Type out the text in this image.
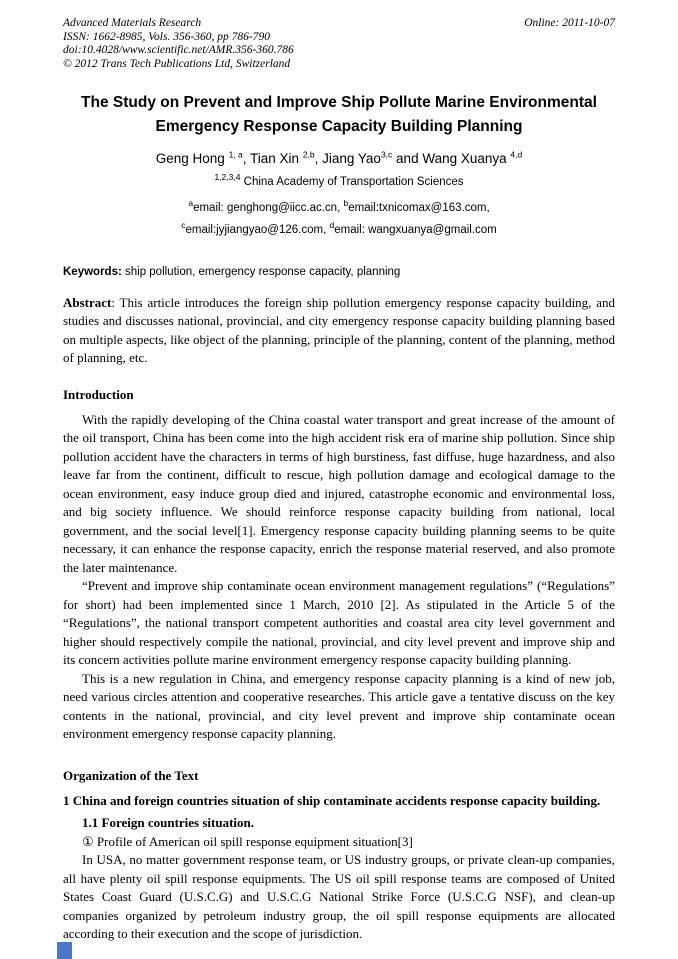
Advanced Materials Research	Online: 2011-10-07
ISSN: 1662-8985, Vols. 356-360, pp 786-790
doi:10.4028/www.scientific.net/AMR.356-360.786
© 2012 Trans Tech Publications Ltd, Switzerland
The Study on Prevent and Improve Ship Pollute Marine Environmental Emergency Response Capacity Building Planning
Geng Hong $^{1, a}$, Tian Xin $^{2,b}$, Jiang Yao$^{3,c}$ and Wang Xuanya $^{4,d}$
$^{1,2,3,4}$ China Academy of Transportation Sciences
$^a$email: genghong@iicc.ac.cn, $^b$email:txnicomax@163.com,
$^c$email:jyjiangyao@126.com, $^d$email: wangxuanya@gmail.com
Keywords: ship pollution, emergency response capacity, planning

Abstract: This article introduces the foreign ship pollution emergency response capacity building, and studies and discusses national, provincial, and city emergency response capacity building planning based on multiple aspects, like object of the planning, principle of the planning, content of the planning, method of planning, etc.

Introduction

With the rapidly developing of the China coastal water transport and great increase of the amount of the oil transport, China has been come into the high accident risk era of marine ship pollution. Since ship pollution accident have the characters in terms of high burstiness, fast diffuse, huge hazardness, and also leave far from the continent, difficult to rescue, high pollution damage and ecological damage to the ocean environment, easy induce group died and injured, catastrophe economic and environmental loss, and big society influence. We should reinforce response capacity building from national, local government, and the social level[1]. Emergency response capacity building planning seems to be quite necessary, it can enhance the response capacity, enrich the response material reserved, and also promote the later maintenance.

“Prevent and improve ship contaminate ocean environment management regulations” (“Regulations” for short) had been implemented since 1 March, 2010 [2]. As stipulated in the Article 5 of the “Regulations”, the national transport competent authorities and coastal area city level government and higher should respectively compile the national, provincial, and city level prevent and improve ship and its concern activities pollute marine environment emergency response capacity building planning.

This is a new regulation in China, and emergency response capacity planning is a kind of new job, need various circles attention and cooperative researches. This article gave a tentative discuss on the key contents in the national, provincial, and city level prevent and improve ship contaminate ocean environment emergency response capacity planning.

Organization of the Text

1 China and foreign countries situation of ship contaminate accidents response capacity building.

1.1 Foreign countries situation.

① Profile of American oil spill response equipment situation[3]

In USA, no matter government response team, or US industry groups, or private clean-up companies, all have plenty oil spill response equipments. The US oil spill response teams are composed of United States Coast Guard (U.S.C.G) and U.S.C.G National Strike Force (U.S.C.G NSF), and clean-up companies organized by petroleum industry group, the oil spill response equipments are allocated according to their execution and the scope of jurisdiction.
